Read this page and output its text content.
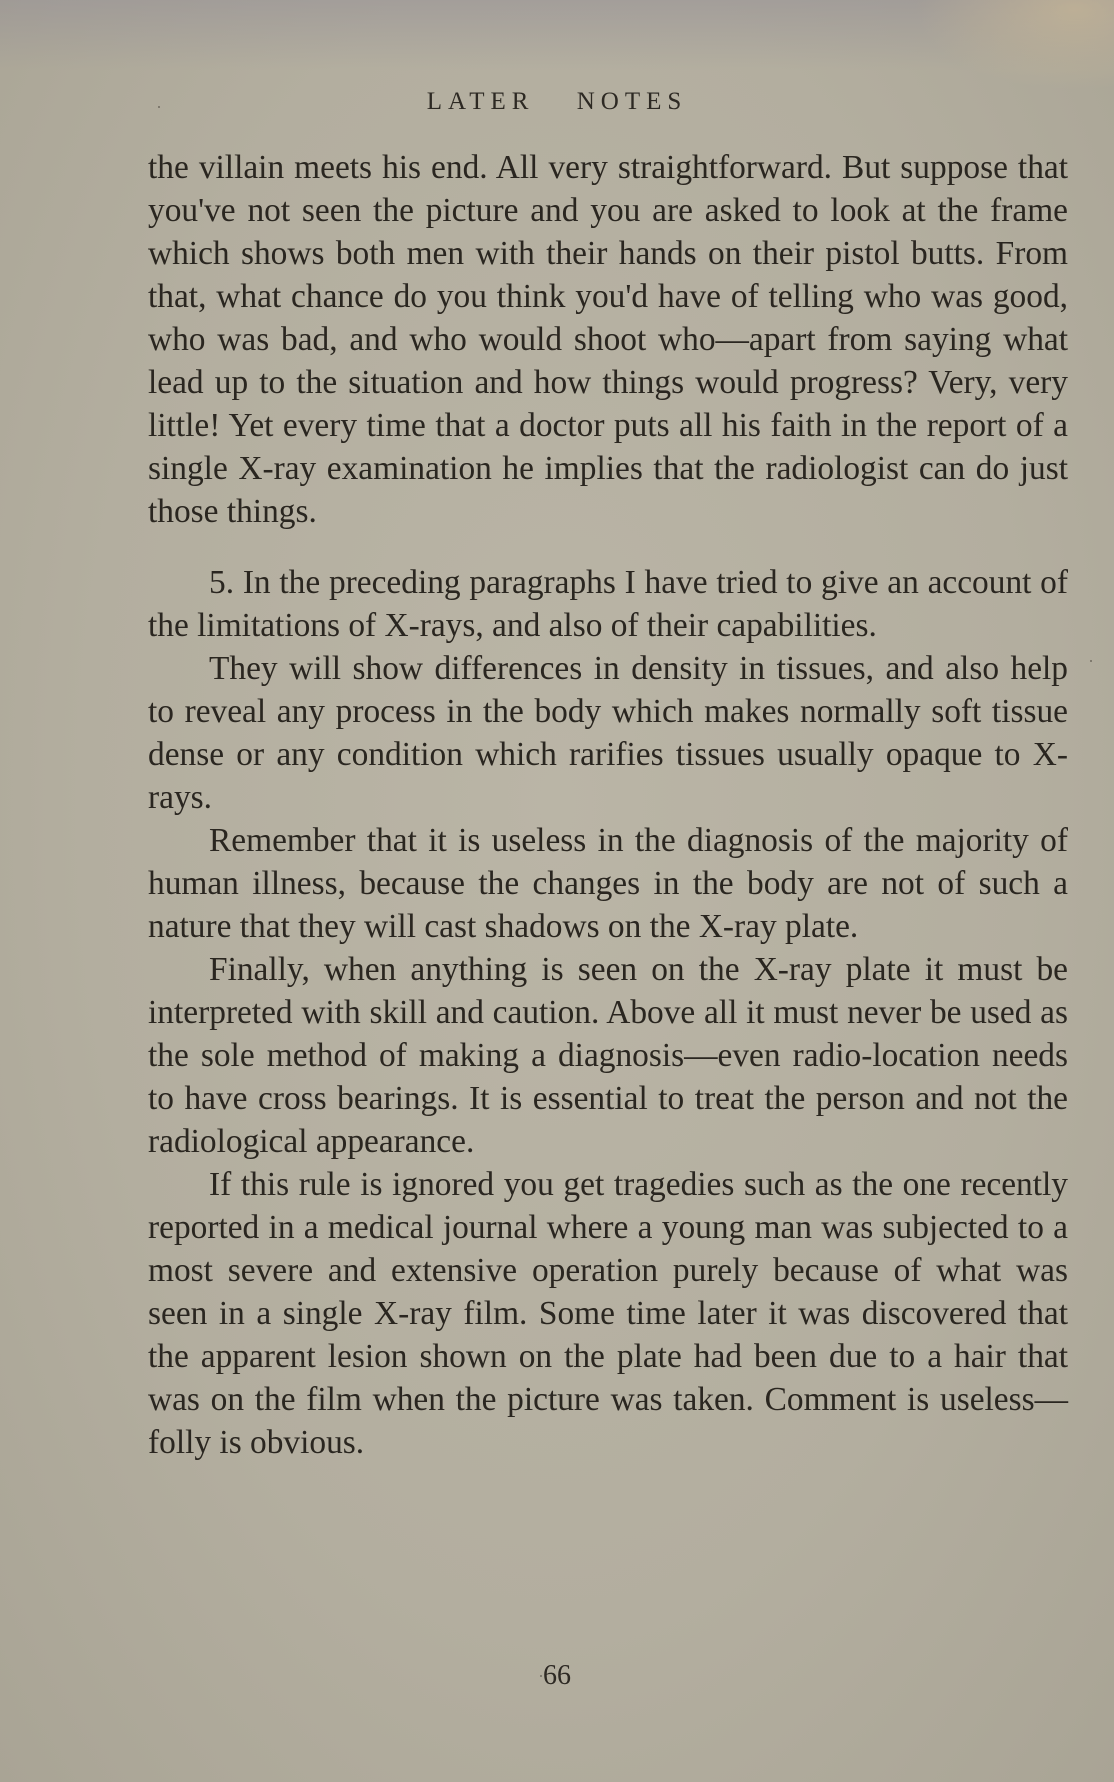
LATER NOTES

the villain meets his end. All very straightforward. But suppose that you've not seen the picture and you are asked to look at the frame which shows both men with their hands on their pistol butts. From that, what chance do you think you'd have of telling who was good, who was bad, and who would shoot who—apart from saying what lead up to the situation and how things would progress? Very, very little! Yet every time that a doctor puts all his faith in the report of a single X-ray examination he implies that the radiologist can do just those things.

5. In the preceding paragraphs I have tried to give an account of the limitations of X-rays, and also of their capabilities.

They will show differences in density in tissues, and also help to reveal any process in the body which makes normally soft tissue dense or any condition which rarifies tissues usually opaque to X-rays.

Remember that it is useless in the diagnosis of the majority of human illness, because the changes in the body are not of such a nature that they will cast shadows on the X-ray plate.

Finally, when anything is seen on the X-ray plate it must be interpreted with skill and caution. Above all it must never be used as the sole method of making a diagnosis—even radio-location needs to have cross bearings. It is essential to treat the person and not the radiological appearance.

If this rule is ignored you get tragedies such as the one recently reported in a medical journal where a young man was subjected to a most severe and extensive operation purely because of what was seen in a single X-ray film. Some time later it was discovered that the apparent lesion shown on the plate had been due to a hair that was on the film when the picture was taken. Comment is useless—folly is obvious.

66
